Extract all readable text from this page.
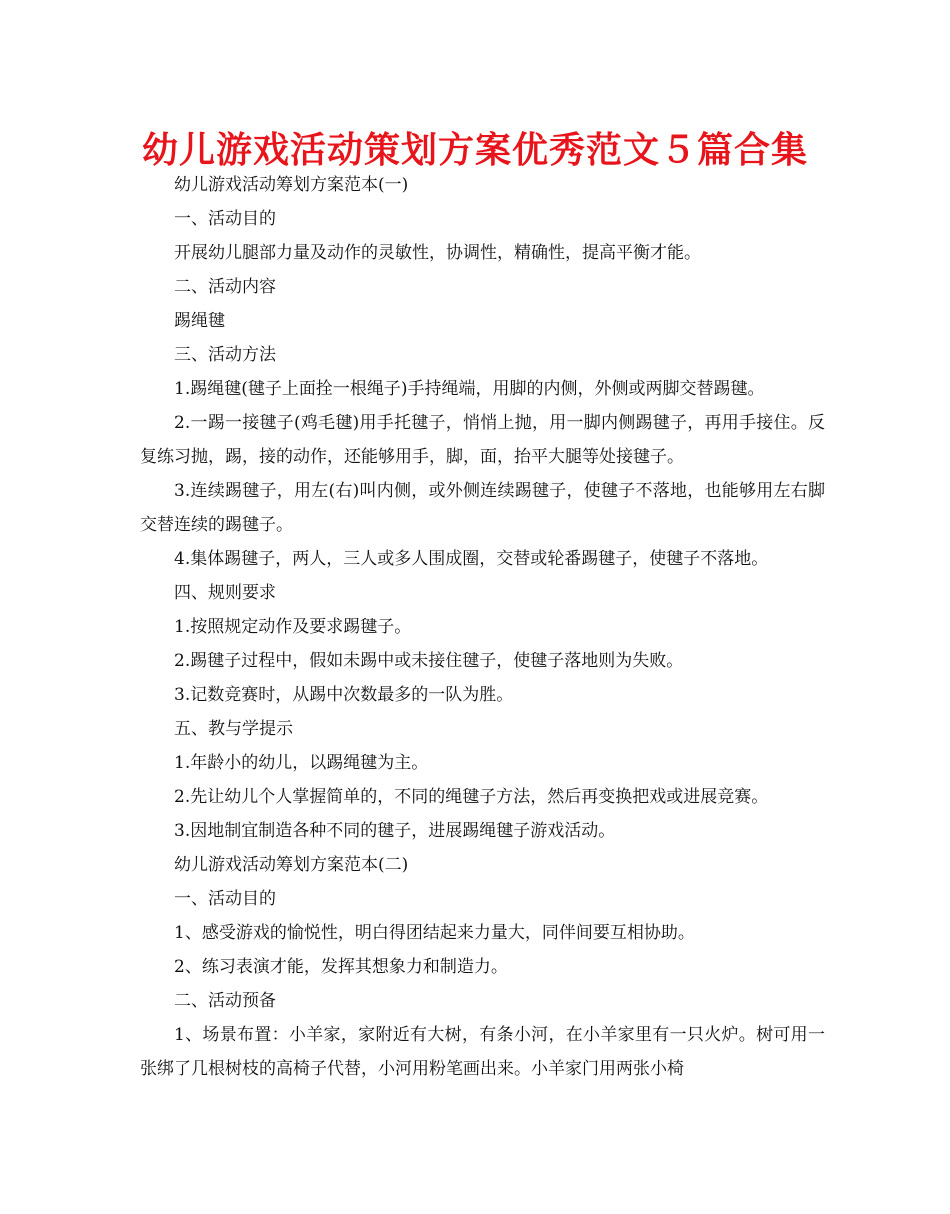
幼儿游戏活动策划方案优秀范文５篇合集

幼儿游戏活动筹划方案范本(一)

一、活动目的

开展幼儿腿部力量及动作的灵敏性，协调性，精确性，提高平衡才能。

二、活动内容

踢绳毽

三、活动方法

1.踢绳毽(毽子上面拴一根绳子)手持绳端，用脚的内侧，外侧或两脚交替踢毽。

2.一踢一接毽子(鸡毛毽)用手托毽子，悄悄上抛，用一脚内侧踢毽子，再用手接住。反复练习抛，踢，接的动作，还能够用手，脚，面，抬平大腿等处接毽子。

3.连续踢毽子，用左(右)叫内侧，或外侧连续踢毽子，使毽子不落地，也能够用左右脚交替连续的踢毽子。

4.集体踢毽子，两人，三人或多人围成圈，交替或轮番踢毽子，使毽子不落地。

四、规则要求

1.按照规定动作及要求踢毽子。

2.踢毽子过程中，假如未踢中或未接住毽子，使毽子落地则为失败。

3.记数竞赛时，从踢中次数最多的一队为胜。

五、教与学提示

1.年龄小的幼儿，以踢绳毽为主。

2.先让幼儿个人掌握简单的，不同的绳毽子方法，然后再变换把戏或进展竞赛。

3.因地制宜制造各种不同的毽子，进展踢绳毽子游戏活动。

幼儿游戏活动筹划方案范本(二)

一、活动目的

1、感受游戏的愉悦性，明白得团结起来力量大，同伴间要互相协助。

2、练习表演才能，发挥其想象力和制造力。

二、活动预备

1、场景布置：小羊家，家附近有大树，有条小河，在小羊家里有一只火炉。树可用一张绑了几根树枝的高椅子代替，小河用粉笔画出来。小羊家门用两张小椅
